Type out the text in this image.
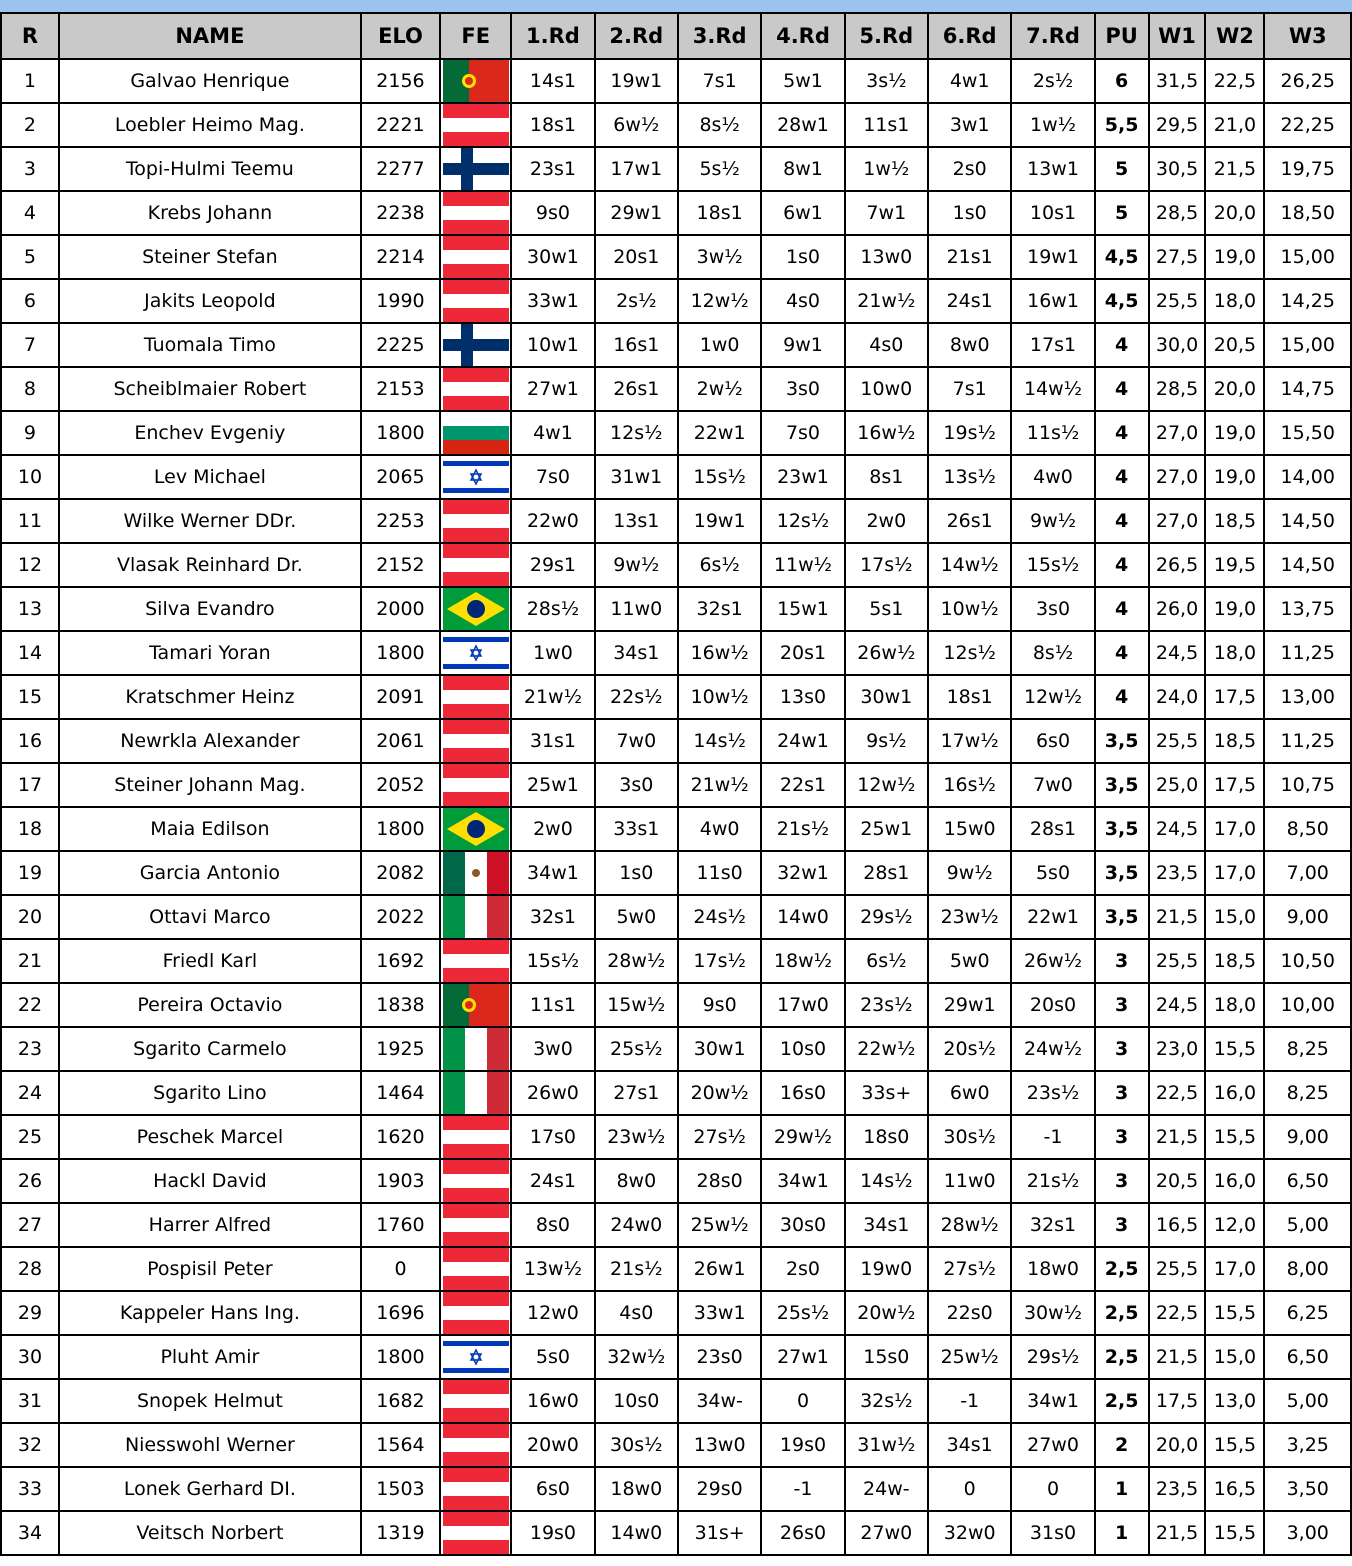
R	NAME	ELO	FE	1.Rd	2.Rd	3.Rd	4.Rd	5.Rd	6.Rd	7.Rd	PU	W1	W2	W3
1	Galvao Henrique	2156		14s1	19w1	7s1	5w1	3s½	4w1	2s½	6	31,5	22,5	26,25
2	Loebler Heimo Mag.	2221		18s1	6w½	8s½	28w1	11s1	3w1	1w½	5,5	29,5	21,0	22,25
3	Topi-Hulmi Teemu	2277		23s1	17w1	5s½	8w1	1w½	2s0	13w1	5	30,5	21,5	19,75
4	Krebs Johann	2238		9s0	29w1	18s1	6w1	7w1	1s0	10s1	5	28,5	20,0	18,50
5	Steiner Stefan	2214		30w1	20s1	3w½	1s0	13w0	21s1	19w1	4,5	27,5	19,0	15,00
6	Jakits Leopold	1990		33w1	2s½	12w½	4s0	21w½	24s1	16w1	4,5	25,5	18,0	14,25
7	Tuomala Timo	2225		10w1	16s1	1w0	9w1	4s0	8w0	17s1	4	30,0	20,5	15,00
8	Scheiblmaier Robert	2153		27w1	26s1	2w½	3s0	10w0	7s1	14w½	4	28,5	20,0	14,75
9	Enchev Evgeniy	1800		4w1	12s½	22w1	7s0	16w½	19s½	11s½	4	27,0	19,0	15,50
10	Lev Michael	2065		7s0	31w1	15s½	23w1	8s1	13s½	4w0	4	27,0	19,0	14,00
11	Wilke Werner DDr.	2253		22w0	13s1	19w1	12s½	2w0	26s1	9w½	4	27,0	18,5	14,50
12	Vlasak Reinhard Dr.	2152		29s1	9w½	6s½	11w½	17s½	14w½	15s½	4	26,5	19,5	14,50
13	Silva Evandro	2000		28s½	11w0	32s1	15w1	5s1	10w½	3s0	4	26,0	19,0	13,75
14	Tamari Yoran	1800		1w0	34s1	16w½	20s1	26w½	12s½	8s½	4	24,5	18,0	11,25
15	Kratschmer Heinz	2091		21w½	22s½	10w½	13s0	30w1	18s1	12w½	4	24,0	17,5	13,00
16	Newrkla Alexander	2061		31s1	7w0	14s½	24w1	9s½	17w½	6s0	3,5	25,5	18,5	11,25
17	Steiner Johann Mag.	2052		25w1	3s0	21w½	22s1	12w½	16s½	7w0	3,5	25,0	17,5	10,75
18	Maia Edilson	1800		2w0	33s1	4w0	21s½	25w1	15w0	28s1	3,5	24,5	17,0	8,50
19	Garcia Antonio	2082		34w1	1s0	11s0	32w1	28s1	9w½	5s0	3,5	23,5	17,0	7,00
20	Ottavi Marco	2022		32s1	5w0	24s½	14w0	29s½	23w½	22w1	3,5	21,5	15,0	9,00
21	Friedl Karl	1692		15s½	28w½	17s½	18w½	6s½	5w0	26w½	3	25,5	18,5	10,50
22	Pereira Octavio	1838		11s1	15w½	9s0	17w0	23s½	29w1	20s0	3	24,5	18,0	10,00
23	Sgarito Carmelo	1925		3w0	25s½	30w1	10s0	22w½	20s½	24w½	3	23,0	15,5	8,25
24	Sgarito Lino	1464		26w0	27s1	20w½	16s0	33s+	6w0	23s½	3	22,5	16,0	8,25
25	Peschek Marcel	1620		17s0	23w½	27s½	29w½	18s0	30s½	-1	3	21,5	15,5	9,00
26	Hackl David	1903		24s1	8w0	28s0	34w1	14s½	11w0	21s½	3	20,5	16,0	6,50
27	Harrer Alfred	1760		8s0	24w0	25w½	30s0	34s1	28w½	32s1	3	16,5	12,0	5,00
28	Pospisil Peter	0		13w½	21s½	26w1	2s0	19w0	27s½	18w0	2,5	25,5	17,0	8,00
29	Kappeler Hans Ing.	1696		12w0	4s0	33w1	25s½	20w½	22s0	30w½	2,5	22,5	15,5	6,25
30	Pluht Amir	1800		5s0	32w½	23s0	27w1	15s0	25w½	29s½	2,5	21,5	15,0	6,50
31	Snopek Helmut	1682		16w0	10s0	34w-	0	32s½	-1	34w1	2,5	17,5	13,0	5,00
32	Niesswohl Werner	1564		20w0	30s½	13w0	19s0	31w½	34s1	27w0	2	20,0	15,5	3,25
33	Lonek Gerhard DI.	1503		6s0	18w0	29s0	-1	24w-	0	0	1	23,5	16,5	3,50
34	Veitsch Norbert	1319		19s0	14w0	31s+	26s0	27w0	32w0	31s0	1	21,5	15,5	3,00
